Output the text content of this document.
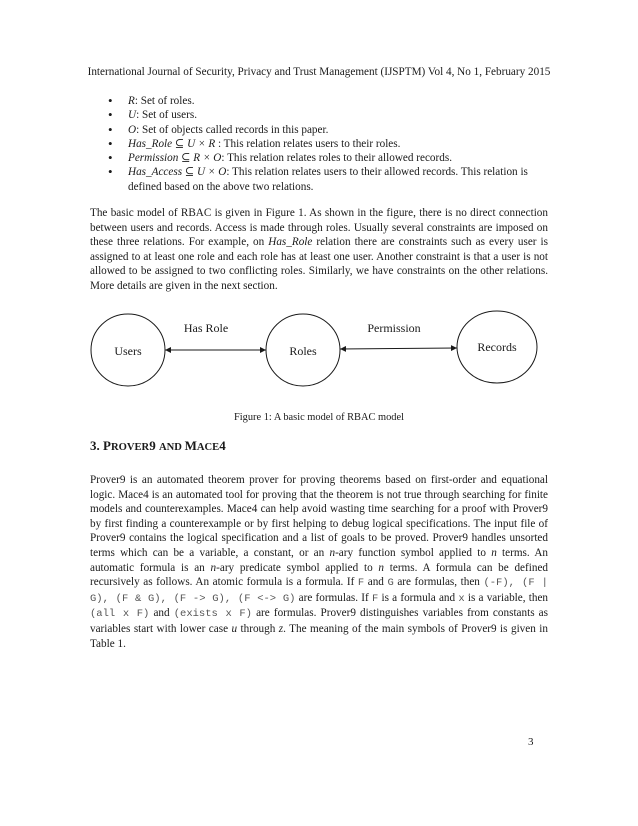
International Journal of Security, Privacy and Trust Management (IJSPTM) Vol 4, No 1, February 2015
• R: Set of roles.
• U: Set of users.
• O: Set of objects called records in this paper.
• Has_Role ⊆ U × R : This relation relates users to their roles.
• Permission ⊆ R × O: This relation relates roles to their allowed records.
• Has_Access ⊆ U × O: This relation relates users to their allowed records. This relation is defined based on the above two relations.
The basic model of RBAC is given in Figure 1. As shown in the figure, there is no direct connection between users and records. Access is made through roles. Usually several constraints are imposed on these three relations. For example, on Has_Role relation there are constraints such as every user is assigned to at least one role and each role has at least one user. Another constraint is that a user is not allowed to be assigned to two conflicting roles. Similarly, we have constraints on the other relations. More details are given in the next section.
Users	Roles	Records
Has Role	Permission
Figure 1: A basic model of RBAC model
3. PROVER9 AND MACE4
Prover9 is an automated theorem prover for proving theorems based on first-order and equational logic. Mace4 is an automated tool for proving that the theorem is not true through searching for finite models and counterexamples. Mace4 can help avoid wasting time searching for a proof with Prover9 by first finding a counterexample or by first helping to debug logical specifications. The input file of Prover9 contains the logical specification and a list of goals to be proved. Prover9 handles unsorted terms which can be a variable, a constant, or an n-ary function symbol applied to n terms. An automatic formula is an n-ary predicate symbol applied to n terms. A formula can be defined recursively as follows. An atomic formula is a formula. If F and G are formulas, then (-F), (F | G), (F & G), (F -> G), (F <-> G) are formulas. If F is a formula and x is a variable, then (all x F) and (exists x F) are formulas. Prover9 distinguishes variables from constants as variables start with lower case u through z. The meaning of the main symbols of Prover9 is given in Table 1.
3
